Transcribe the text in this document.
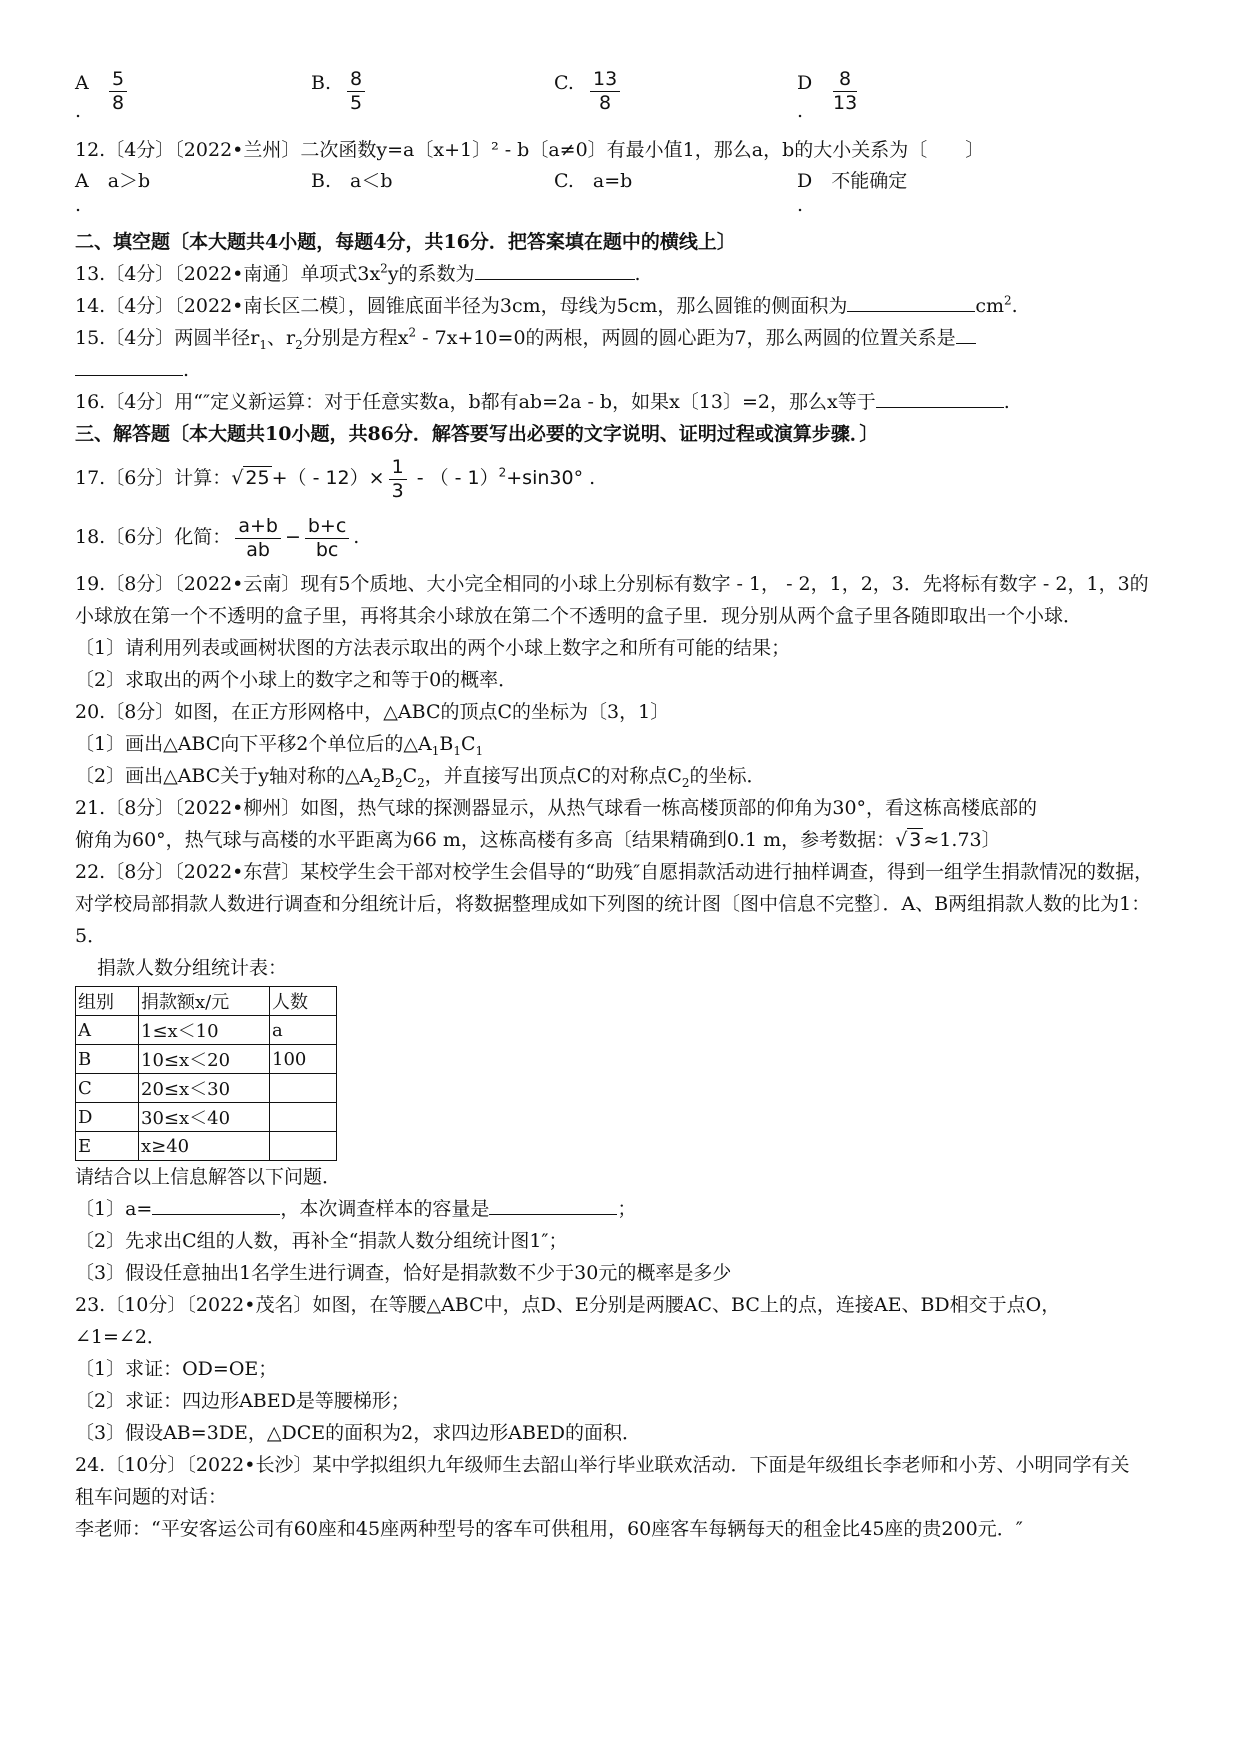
A
. $\frac{5}{8}$	B. $\frac{8}{5}$	C. $\frac{13}{8}$	D
. $\frac{8}{13}$
12.〔4分〕〔2022•兰州〕二次函数y=a〔x+1〕² - b〔a≠0〕有最小值1，那么a，b的大小关系为〔　　〕
A　a＞b
.
B.　a＜b	C.　a=b	D　不能确定
.
二、填空题〔本大题共4小题，每题4分，共16分．把答案填在题中的横线上〕
13.〔4分〕〔2022•南通〕单项式$3x^2y$的系数为	.
14.〔4分〕〔2022•南长区二模〕，圆锥底面半径为3cm，母线为5cm，那么圆锥的侧面积为	$cm^2$.
15.〔4分〕两圆半径$r_1$、$r_2$分别是方程$x^2 - 7x+10=0$的两根，两圆的圆心距为7，那么两圆的位置关系是
.
16.〔4分〕用“″定义新运算：对于任意实数a，b都有ab=2a - b，如果x〔13〕=2，那么x等于	.
三、解答题〔本大题共10小题，共86分．解答要写出必要的文字说明、证明过程或演算步骤．〕
17.〔6分〕计算：√ 25 +（ - $12)\times \frac{1}{3}$ - （ - 1）$^2$+sin30° .
18.〔6分〕化简： $\frac{a+b}{ab} - \frac{b+c}{bc}$ .
19.〔8分〕〔2022•云南〕现有5个质地、大小完全相同的小球上分别标有数字 - 1， - 2，1，2，3．先将标有数字 - 2，1，3的小球放在第一个不透明的盒子里，再将其余小球放在第二个不透明的盒子里．现分别从两个盒子里各随即取出一个小球．
〔1〕请利用列表或画树状图的方法表示取出的两个小球上数字之和所有可能的结果；
〔2〕求取出的两个小球上的数字之和等于0的概率．
20.〔8分〕如图，在正方形网格中，△ABC的顶点C的坐标为〔3，1〕
〔1〕画出△ABC向下平移2个单位后的$\triangle A_1B_1C_1$
〔2〕画出△ABC关于y轴对称的$\triangle A_2B_2C_2$，并直接写出顶点C的对称点$C_2$的坐标．
21.〔8分〕〔2022•柳州〕如图，热气球的探测器显示，从热气球看一栋高楼顶部的仰角为30°，看这栋高楼底部的
俯角为60°，热气球与高楼的水平距离为66 m，这栋高楼有多高〔结果精确到0.1 m，参考数据：√ 3 ≈1.73〕
22.〔8分〕〔2022•东营〕某校学生会干部对校学生会倡导的“助残″自愿捐款活动进行抽样调查，得到一组学生捐款情况的数据，对学校局部捐款人数进行调查和分组统计后，将数据整理成如下列图的统计图〔图中信息不完整〕．A、B两组捐款人数的比为1：5．
捐款人数分组统计表：
组别	捐款额x/元	人数
A	1≤x＜10	a
B	10≤x＜20	100
C	20≤x＜30	
D	30≤x＜40	
E	x≥40	
请结合以上信息解答以下问题．
〔1〕a=	，本次调查样本的容量是	；
〔2〕先求出C组的人数，再补全“捐款人数分组统计图1″；
〔3〕假设任意抽出1名学生进行调查，恰好是捐款数不少于30元的概率是多少
23.〔10分〕〔2022•茂名〕如图，在等腰△ABC中，点D、E分别是两腰AC、BC上的点，连接AE、BD相交于点O，∠1=∠2．
〔1〕求证：OD=OE；
〔2〕求证：四边形ABED是等腰梯形；
〔3〕假设AB=3DE，△DCE的面积为2，求四边形ABED的面积．
24.〔10分〕〔2022•长沙〕某中学拟组织九年级师生去韶山举行毕业联欢活动．下面是年级组长李老师和小芳、小明同学有关租车问题的对话：
李老师：“平安客运公司有60座和45座两种型号的客车可供租用，60座客车每辆每天的租金比45座的贵200元．″
